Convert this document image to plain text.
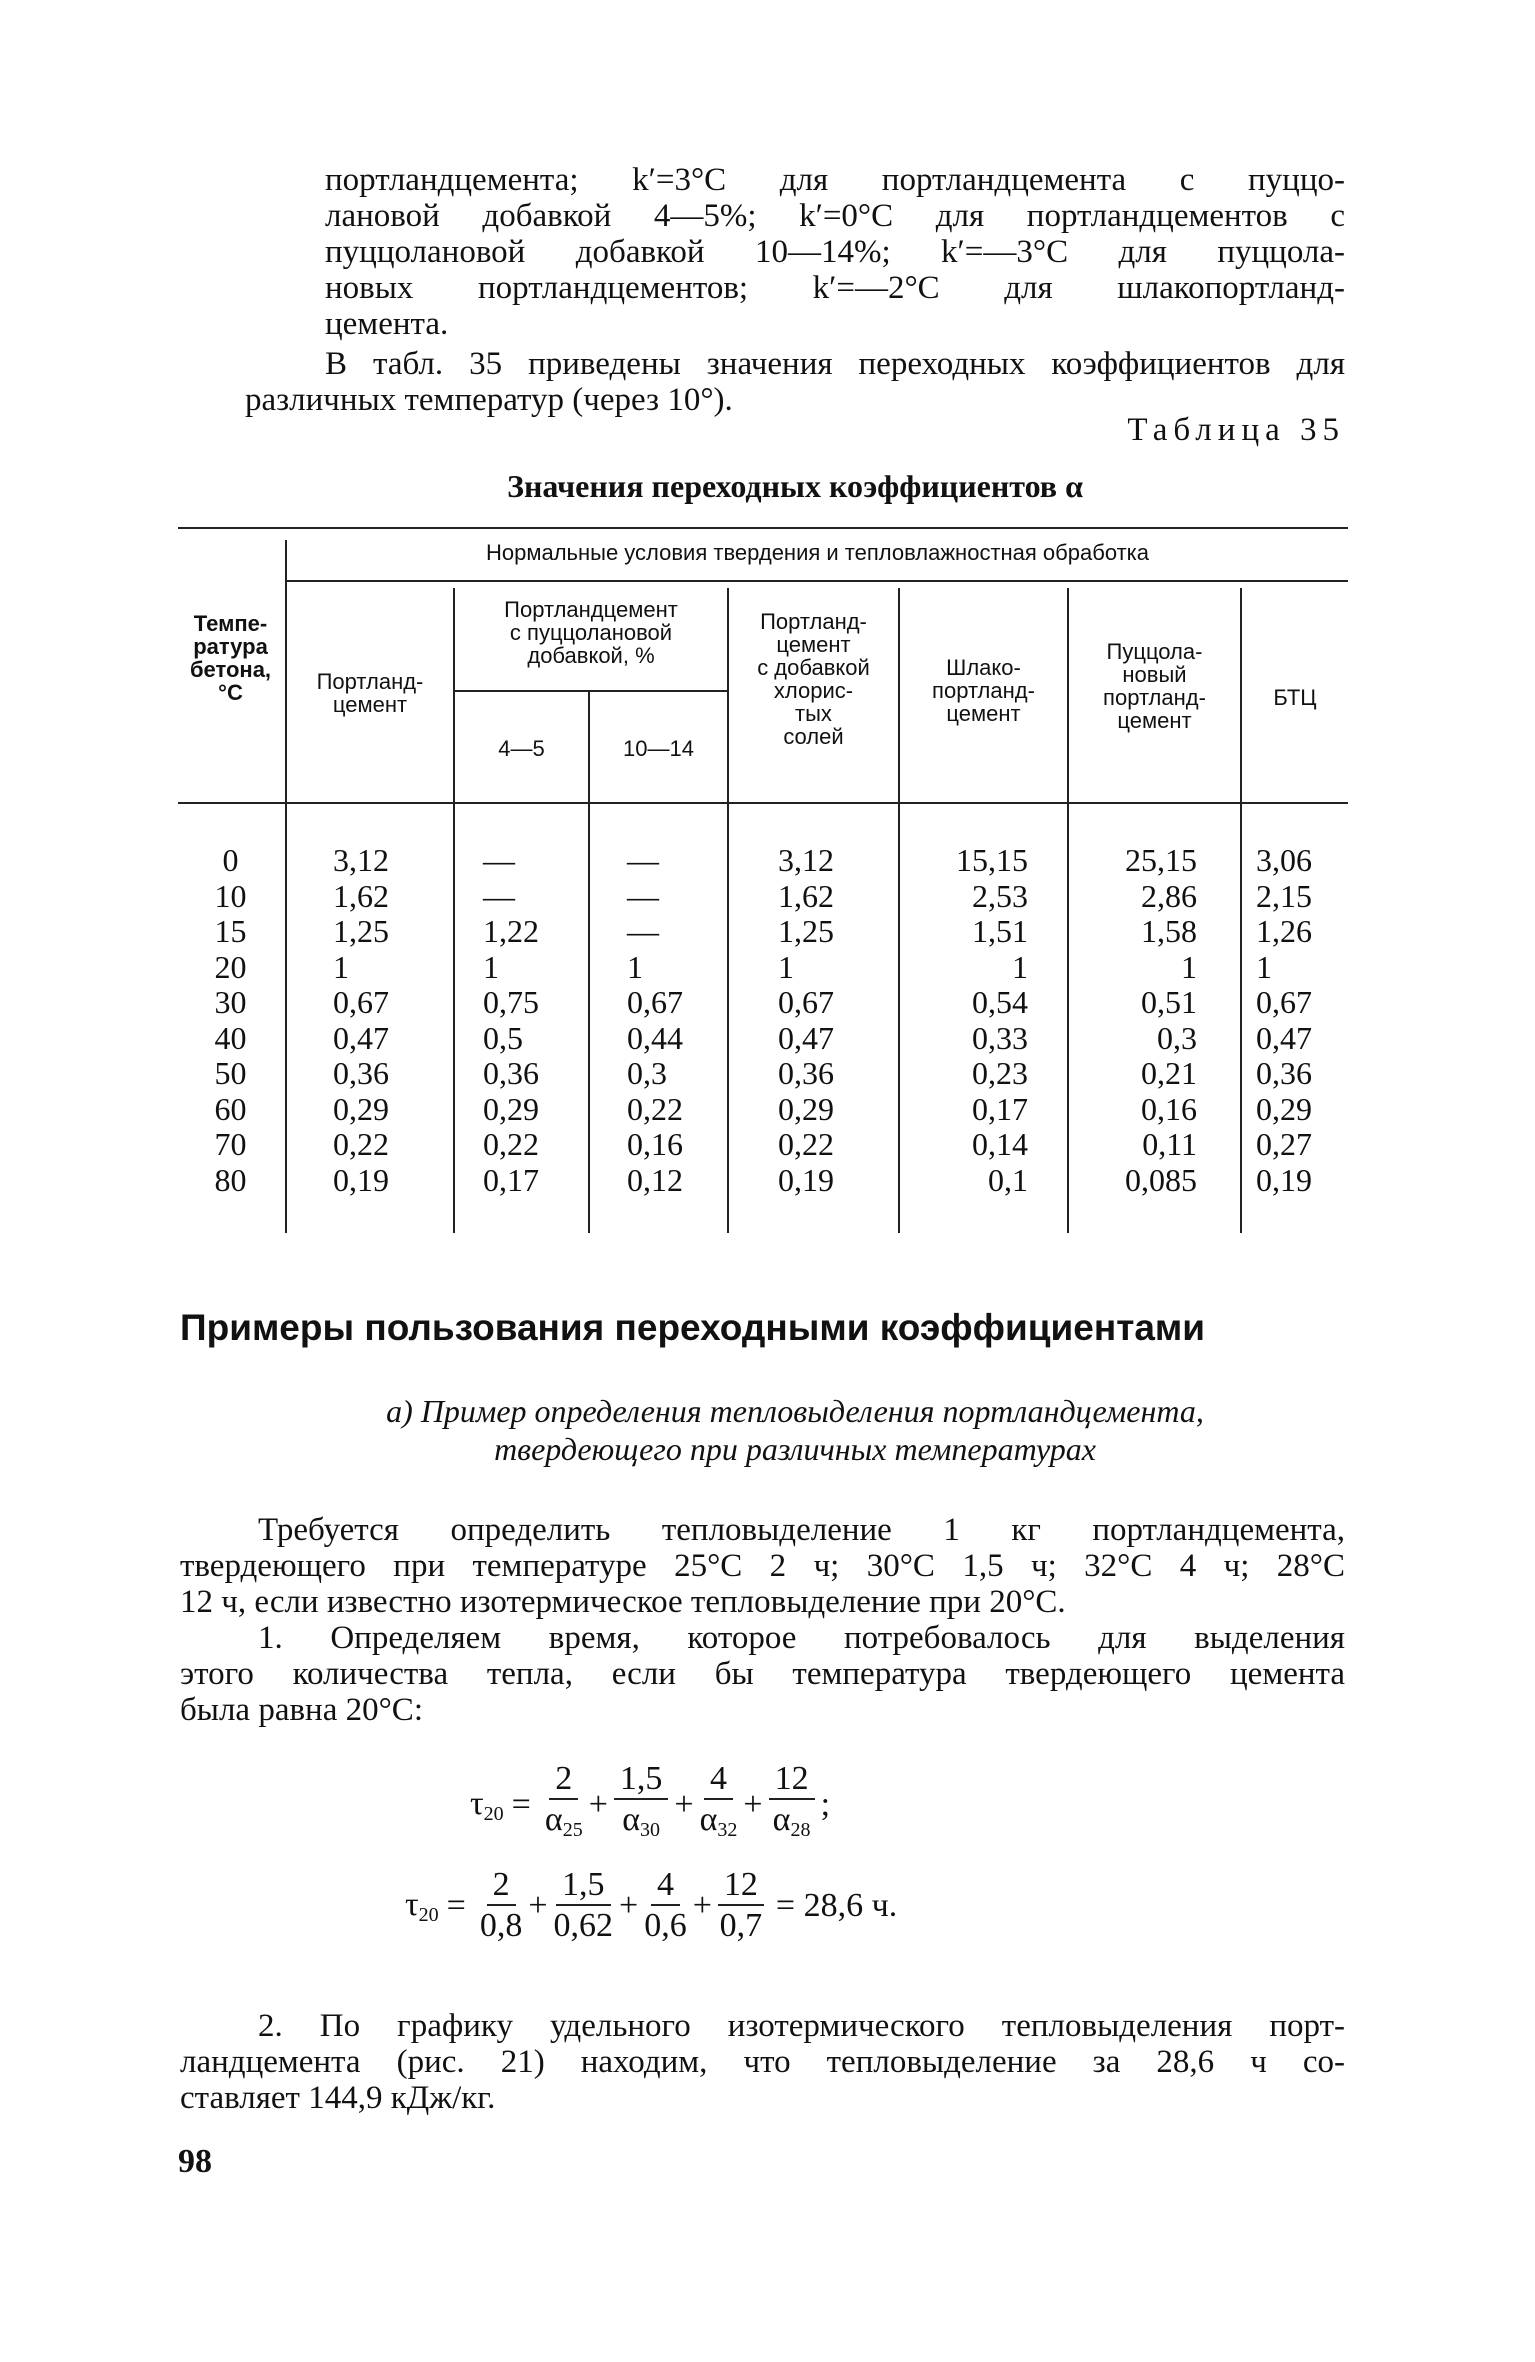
портландцемента; k′=3°C для портландцемента с пуццо-
лановой добавкой 4—5%; k′=0°C для портландцементов с
пуццолановой добавкой 10—14%; k′=—3°C для пуццола-
новых портландцементов; k′=—2°C для шлакопортланд-
цемента.
В табл. 35 приведены значения переходных коэффициентов для
различных температур (через 10°).
Таблица 35
Значения переходных коэффициентов α
Нормальные условия твердения и тепловлажностная обработка
Темпе-
ратура
бетона,
°C	Портланд-
цемент
Портландцемент
с пуццолановой
добавкой, %
4—5	10—14
Портланд-
цемент
с добавкой
хлорис-
тых
солей
Шлако-
портланд-
цемент
Пуццола-
новый
портланд-
цемент
БТЦ
0
10
15
20
30
40
50
60
70
80
3,12
1,62
1,25
1
0,67
0,47
0,36
0,29
0,22
0,19
—
—
1,22
1
0,75
0,5
0,36
0,29
0,22
0,17
—
—
—
1
0,67
0,44
0,3
0,22
0,16
0,12
3,12
1,62
1,25
1
0,67
0,47
0,36
0,29
0,22
0,19
15,15
2,53
1,51
1
0,54
0,33
0,23
0,17
0,14
0,1
25,15
2,86
1,58
1
0,51
0,3
0,21
0,16
0,11
0,085
3,06
2,15
1,26
1
0,67
0,47
0,36
0,29
0,27
0,19
Примеры пользования переходными коэффициентами
а) Пример определения тепловыделения портландцемента,
твердеющего при различных температурах
Требуется определить тепловыделение 1 кг портландцемента,
твердеющего при температуре 25°C 2 ч; 30°C 1,5 ч; 32°C 4 ч; 28°C
12 ч, если известно изотермическое тепловыделение при 20°C.
1. Определяем время, которое потребовалось для выделения
этого количества тепла, если бы температура твердеющего цемента
была равна 20°C:
$\tau_{20} = \frac{2}{\alpha_{25}} + \frac{1,5}{\alpha_{30}} + \frac{4}{\alpha_{32}} + \frac{12}{\alpha_{28}}$ ;
$\tau_{20} = \frac{2}{0,8} + \frac{1,5}{0,62} + \frac{4}{0,6} + \frac{12}{0,7} = 28,6$ ч.
2. По графику удельного изотермического тепловыделения порт-
ландцемента (рис. 21) находим, что тепловыделение за 28,6 ч со-
ставляет 144,9 кДж/кг.
98
